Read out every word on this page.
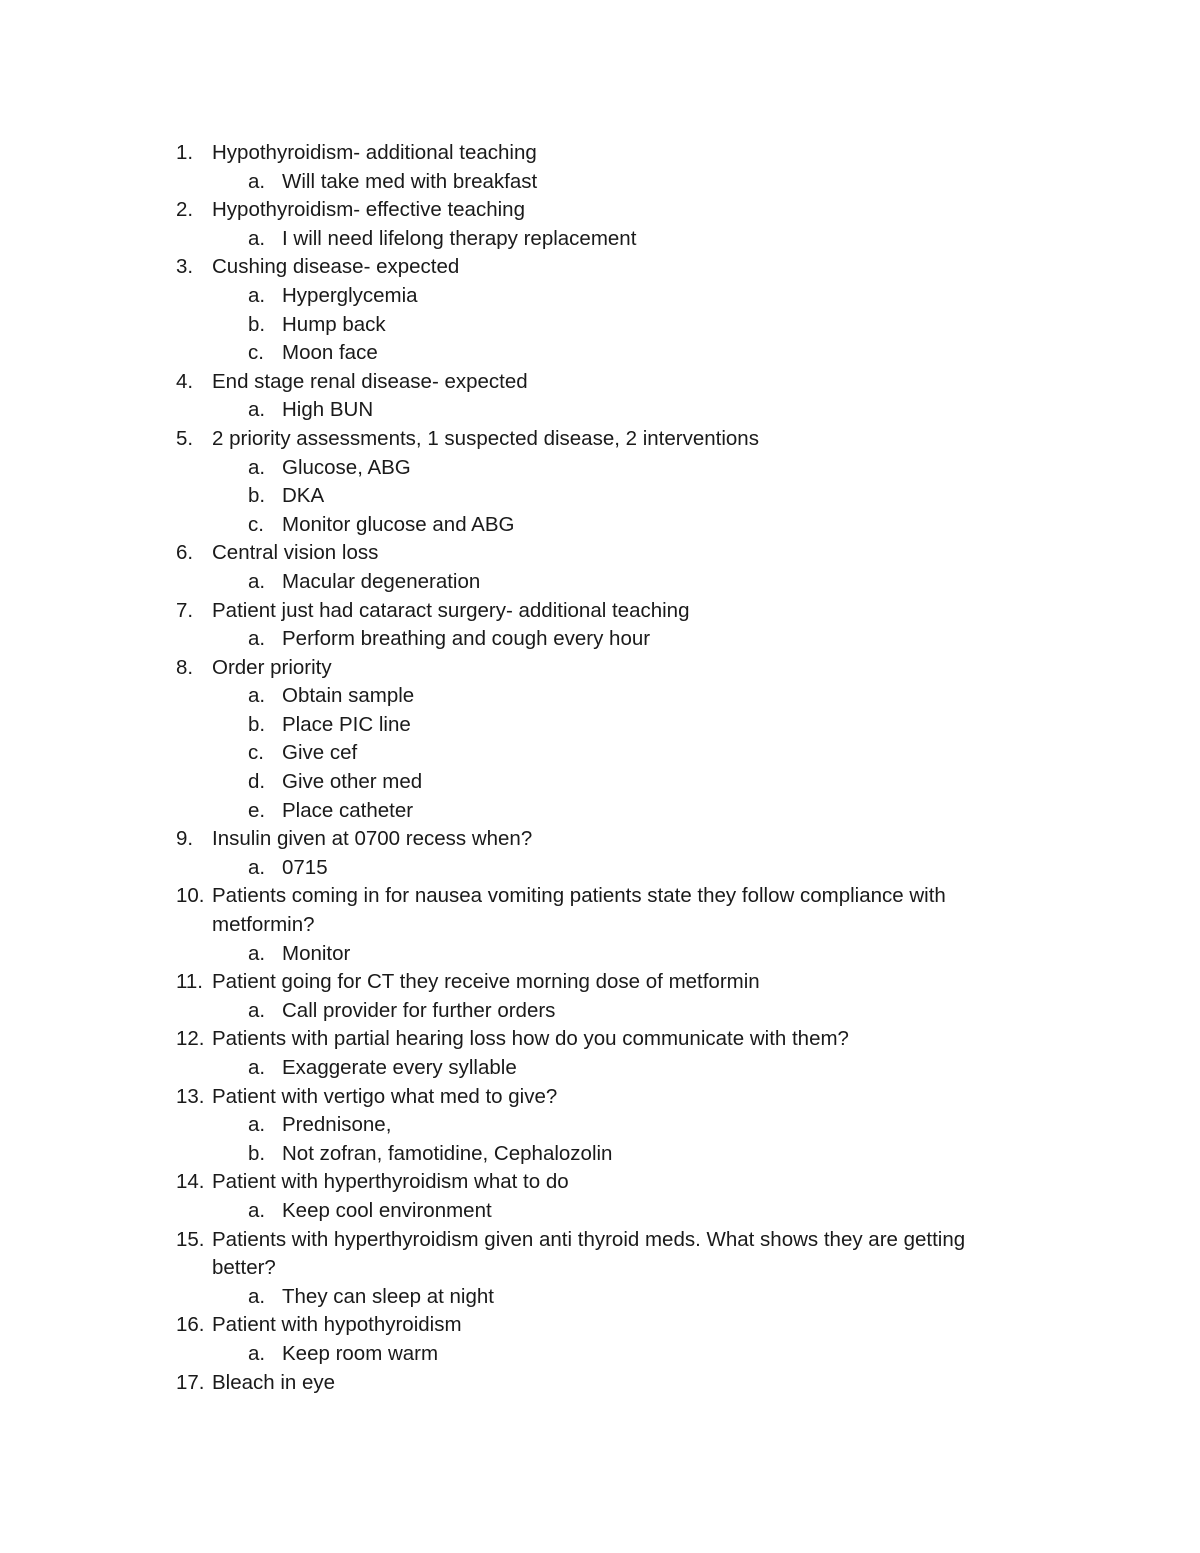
1. Hypothyroidism- additional teaching
a. Will take med with breakfast
2. Hypothyroidism- effective teaching
a. I will need lifelong therapy replacement
3. Cushing disease- expected
a. Hyperglycemia
b. Hump back
c. Moon face
4. End stage renal disease- expected
a. High BUN
5. 2 priority assessments, 1 suspected disease, 2 interventions
a. Glucose, ABG
b. DKA
c. Monitor glucose and ABG
6. Central vision loss
a. Macular degeneration
7. Patient just had cataract surgery- additional teaching
a. Perform breathing and cough every hour
8. Order priority
a. Obtain sample
b. Place PIC line
c. Give cef
d. Give other med
e. Place catheter
9. Insulin given at 0700 recess when?
a. 0715
10. Patients coming in for nausea vomiting patients state they follow compliance with metformin?
a. Monitor
11. Patient going for CT they receive morning dose of metformin
a. Call provider for further orders
12. Patients with partial hearing loss how do you communicate with them?
a. Exaggerate every syllable
13. Patient with vertigo what med to give?
a. Prednisone,
b. Not zofran, famotidine, Cephalozolin
14. Patient with hyperthyroidism what to do
a. Keep cool environment
15. Patients with hyperthyroidism given anti thyroid meds. What shows they are getting better?
a. They can sleep at night
16. Patient with hypothyroidism
a. Keep room warm
17. Bleach in eye
